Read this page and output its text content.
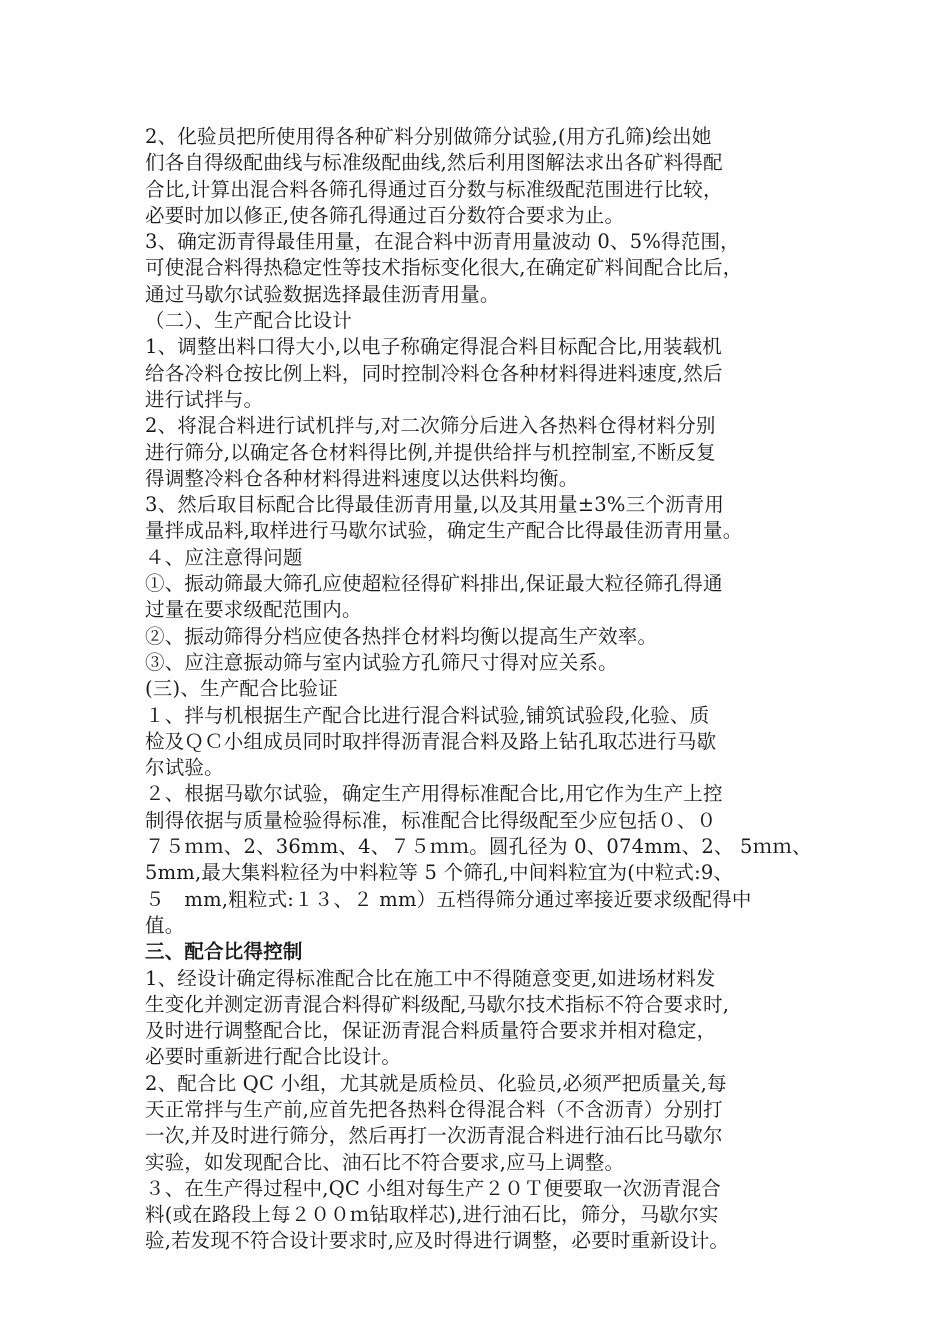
2、化验员把所使用得各种矿料分别做筛分试验,(用方孔筛)绘出她
们各自得级配曲线与标准级配曲线,然后利用图解法求出各矿料得配
合比,计算出混合料各筛孔得通过百分数与标准级配范围进行比较，
必要时加以修正,使各筛孔得通过百分数符合要求为止。

3、确定沥青得最佳用量，在混合料中沥青用量波动 0、5%得范围，
可使混合料得热稳定性等技术指标变化很大,在确定矿料间配合比后，
通过马歇尔试验数据选择最佳沥青用量。

（二）、生产配合比设计

1、调整出料口得大小,以电子称确定得混合料目标配合比,用装载机
给各冷料仓按比例上料，同时控制冷料仓各种材料得进料速度,然后
进行试拌与。

2、将混合料进行试机拌与,对二次筛分后进入各热料仓得材料分别
进行筛分,以确定各仓材料得比例,并提供给拌与机控制室,不断反复
得调整冷料仓各种材料得进料速度以达供料均衡。

3、然后取目标配合比得最佳沥青用量,以及其用量±3%三个沥青用
量拌成品料,取样进行马歇尔试验，确定生产配合比得最佳沥青用量。

４、应注意得问题

①、振动筛最大筛孔应使超粒径得矿料排出,保证最大粒径筛孔得通
过量在要求级配范围内。

②、振动筛得分档应使各热拌仓材料均衡以提高生产效率。

③、应注意振动筛与室内试验方孔筛尺寸得对应关系。

(三)、生产配合比验证

１、拌与机根据生产配合比进行混合料试验,铺筑试验段,化验、质
检及ＱＣ小组成员同时取拌得沥青混合料及路上钻孔取芯进行马歇
尔试验。

２、根据马歇尔试验，确定生产用得标准配合比,用它作为生产上控
制得依据与质量检验得标准，标准配合比得级配至少应包括０、０
７５ｍｍ、2、36mm、4、７５ｍｍ。圆孔径为 0、074mm、2、 5ｍｍ、
5mm,最大集料粒径为中料粒等 5 个筛孔,中间料粒宜为(中粒式:9、
５　mm,粗粒式:１３、２ mm）五档得筛分通过率接近要求级配得中
值。

三、配合比得控制

1、经设计确定得标准配合比在施工中不得随意变更,如进场材料发
生变化并测定沥青混合料得矿料级配,马歇尔技术指标不符合要求时,
及时进行调整配合比，保证沥青混合料质量符合要求并相对稳定，
必要时重新进行配合比设计。

2、配合比 QC 小组，尤其就是质检员、化验员,必须严把质量关,每
天正常拌与生产前,应首先把各热料仓得混合料（不含沥青）分别打
一次,并及时进行筛分，然后再打一次沥青混合料进行油石比马歇尔
实验，如发现配合比、油石比不符合要求,应马上调整。

３、在生产得过程中,QC 小组对每生产２０Ｔ便要取一次沥青混合
料(或在路段上每２００ｍ钻取样芯),进行油石比，筛分，马歇尔实
验,若发现不符合设计要求时,应及时得进行调整，必要时重新设计。
